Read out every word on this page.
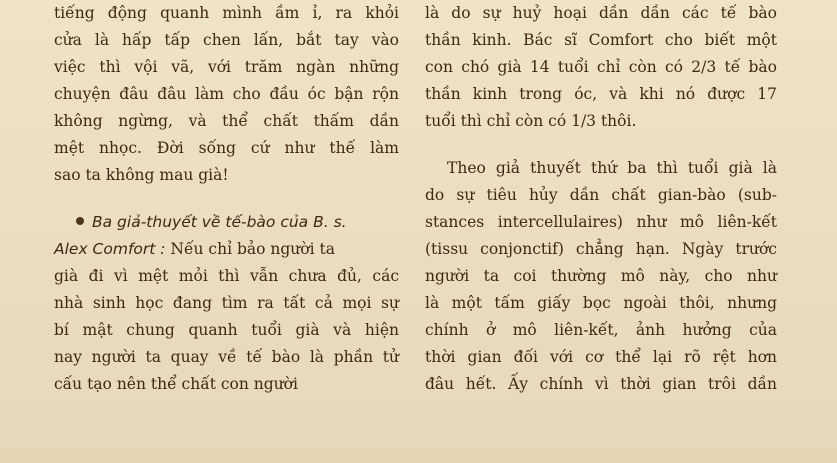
tiếng động quanh mình ầm ỉ, ra khỏi
cửa là hấp tấp chen lấn, bắt tay vào
việc thì vội vã, với trăm ngàn những
chuyện đâu đâu làm cho đầu óc bận rộn
không ngừng, và thể chất thấm dần
mệt nhọc. Đời sống cứ như thế làm
sao ta không mau già!
Ba giả-thuyết về tế-bào của B. s.
Alex Comfort : Nếu chỉ bảo người ta
già đi vì mệt mỏi thì vẫn chưa đủ, các
nhà sinh học đang tìm ra tất cả mọi sự
bí mật chung quanh tuổi già và hiện
nay người ta quay về tế bào là phần tử
cấu tạo nên thể chất con người
là do sự huỷ hoại dần dần các tế bào
thần kinh. Bác sĩ Comfort cho biết một
con chó già 14 tuổi chỉ còn có 2/3 tế bào
thần kinh trong óc, và khi nó được 17
tuổi thì chỉ còn có 1/3 thôi.
Theo giả thuyết thứ ba thì tuổi già là
do sự tiêu hủy dần chất gian-bào (sub-
stances intercellulaires) như mô liên-kết
(tissu conjonctif) chẳng hạn. Ngày trước
người ta coi thường mô này, cho như
là một tấm giấy bọc ngoài thôi, nhưng
chính ở mô liên-kết, ảnh hưởng của
thời gian đối với cơ thể lại rõ rệt hơn
đâu hết. Ấy chính vì thời gian trôi dần
